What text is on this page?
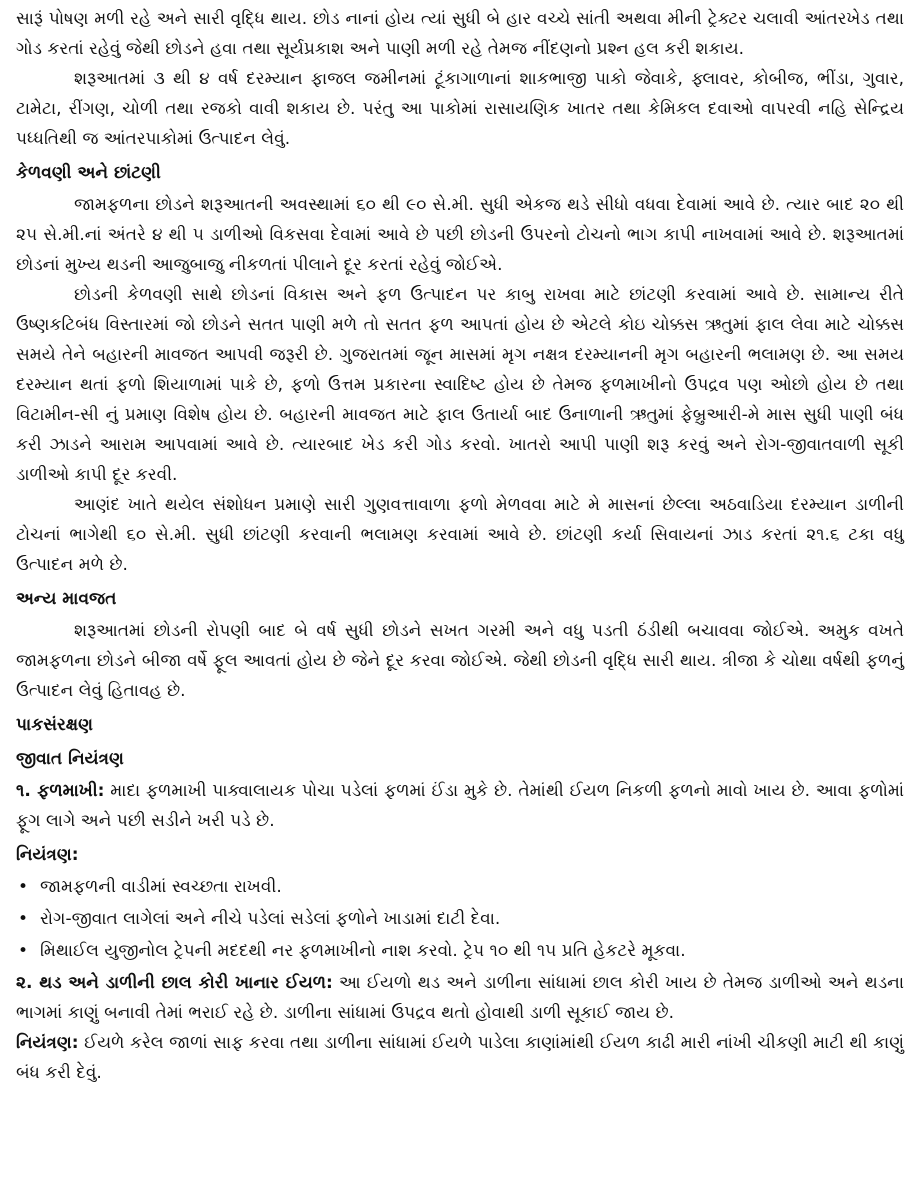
સારૂં પોષણ મળી રહે અને સારી વૃદ્ધિ થાય. છોડ નાનાં હોય ત્યાં સુધી બે હાર વચ્ચે સાંતી અથવા મીની ટ્રેક્ટર ચલાવી આંતરખેડ તથા ગોડ કરતાં રહેવું જેથી છોડને હવા તથા સૂર્યપ્રકાશ અને પાણી મળી રહે તેમજ નીંદણનો પ્રશ્ન હલ કરી શકાય.

શરૂઆતમાં ૩ થી ૪ વર્ષ દરમ્યાન ફાજલ જમીનમાં ટૂંકાગાળાનાં શાકભાજી પાકો જેવાકે, ફ્લાવર, કોબીજ, ભીંડા, ગુવાર, ટામેટા, રીંગણ, ચોળી તથા રજકો વાવી શકાય છે. પરંતુ આ પાકોમાં રાસાયણિક ખાતર તથા કેમિકલ દવાઓ વાપરવી નહિ સેન્દ્રિય પધ્ધતિથી જ આંતરપાકોમાં ઉત્પાદન લેવું.

કેળવણી અને છાંટણી

જામફળના છોડને શરૂઆતની અવસ્થામાં ૬૦ થી ૯૦ સે.મી. સુધી એકજ થડે સીધો વધવા દેવામાં આવે છે. ત્યાર બાદ ૨૦ થી ૨૫ સે.મી.નાં અંતરે ૪ થી ૫ ડાળીઓ વિકસવા દેવામાં આવે છે પછી છોડની ઉપરનો ટોચનો ભાગ કાપી નાખવામાં આવે છે. શરૂઆતમાં છોડનાં મુખ્ય થડની આજુબાજુ નીકળતાં પીલાને દૂર કરતાં રહેવું જોઈએ.

છોડની કેળવણી સાથે છોડનાં વિકાસ અને ફળ ઉત્પાદન પર કાબુ રાખવા માટે છાંટણી કરવામાં આવે છે. સામાન્ય રીતે ઉષ્ણકટિબંધ વિસ્તારમાં જો છોડને સતત પાણી મળે તો સતત ફળ આપતાં હોય છે એટલે કોઇ ચોક્કસ ઋતુમાં ફાલ લેવા માટે ચોક્કસ સમયે તેને બહારની માવજત આપવી જરૂરી છે. ગુજરાતમાં જૂન માસમાં મૃગ નક્ષત્ર દરમ્યાનની મૃગ બહારની ભલામણ છે. આ સમય દરમ્યાન થતાં ફળો શિયાળામાં પાકે છે, ફળો ઉત્તમ પ્રકારના સ્વાદિષ્ટ હોય છે તેમજ ફળમાખીનો ઉપદ્રવ પણ ઓછો હોય છે તથા વિટામીન-સી નું પ્રમાણ વિશેષ હોય છે. બહારની માવજત માટે ફાલ ઉતાર્યા બાદ ઉનાળાની ઋતુમાં ફેબ્રુઆરી-મે માસ સુધી પાણી બંધ કરી ઝાડને આરામ આપવામાં આવે છે. ત્યારબાદ ખેડ કરી ગોડ કરવો. ખાતરો આપી પાણી શરૂ કરવું અને રોગ-જીવાતવાળી સૂકી ડાળીઓ કાપી દૂર કરવી.

આણંદ ખાતે થયેલ સંશોધન પ્રમાણે સારી ગુણવત્તાવાળા ફળો મેળવવા માટે મે માસનાં છેલ્લા અઠવાડિયા દરમ્યાન ડાળીની ટોચનાં ભાગેથી ૬૦ સે.મી. સુધી છાંટણી કરવાની ભલામણ કરવામાં આવે છે. છાંટણી કર્યા સિવાયનાં ઝાડ કરતાં ૨૧.૬ ટકા વધુ ઉત્પાદન મળે છે.

અન્ય માવજત

શરૂઆતમાં છોડની રોપણી બાદ બે વર્ષ સુધી છોડને સખત ગરમી અને વધુ પડતી ઠંડીથી બચાવવા જોઈએ. અમુક વખતે જામફળના છોડને બીજા વર્ષે ફૂલ આવતાં હોય છે જેને દૂર કરવા જોઈએ. જેથી છોડની વૃદ્ધિ સારી થાય. ત્રીજા કે ચોથા વર્ષથી ફળનું ઉત્પાદન લેવું હિતાવહ છે.

પાકસંરક્ષણ
જીવાત નિયંત્રણ

૧. ફળમાખી: માદા ફળમાખી પાક્વાલાયક પોચા પડેલાં ફળમાં ઈંડા મુકે છે. તેમાંથી ઈયળ નિકળી ફળનો માવો ખાય છે. આવા ફળોમાં ફૂગ લાગે અને પછી સડીને ખરી પડે છે.

નિયંત્રણ:
• જામફળની વાડીમાં સ્વચ્છતા રાખવી.
• રોગ-જીવાત લાગેલાં અને નીચે પડેલાં સડેલાં ફળોને ખાડામાં દાટી દેવા.
• મિથાઈલ યુજીનોલ ટ્રેપની મદદથી નર ફળમાખીનો નાશ કરવો. ટ્રેપ ૧૦ થી ૧૫ પ્રતિ હેકટરે મૂકવા.

૨. થડ અને ડાળીની છાલ કોરી ખાનાર ઈયળ: આ ઈયળો થડ અને ડાળીના સાંધામાં છાલ કોરી ખાય છે તેમજ ડાળીઓ અને થડના ભાગમાં કાણું બનાવી તેમાં ભરાઈ રહે છે. ડાળીના સાંધામાં ઉપદ્રવ થતો હોવાથી ડાળી સૂકાઈ જાય છે.

નિયંત્રણ: ઈયળે કરેલ જાળાં સાફ કરવા તથા ડાળીના સાંધામાં ઈયળે પાડેલા કાણાંમાંથી ઈયળ કાઢી મારી નાંખી ચીકણી માટી થી કાણું બંધ કરી દેવું.
